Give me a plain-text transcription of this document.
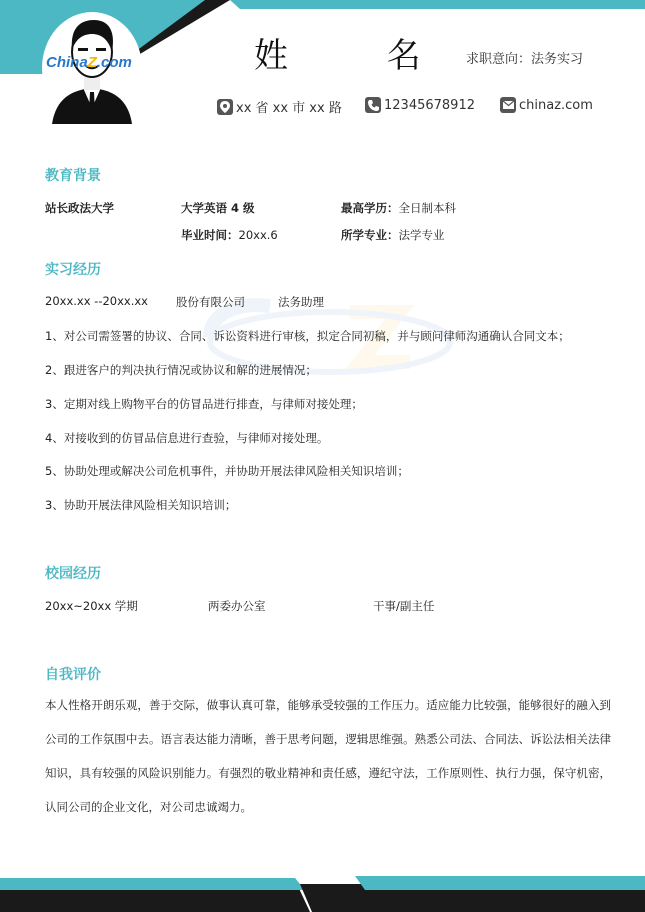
ChinaZ.com	姓 名 求职意向：法务实习
xx 省 xx 市 xx 路	12345678912	chinaz.com
教育背景
站长政法大学	大学英语 4 级	最高学历：全日制本科
毕业时间：20xx.6	所学专业：法学专业
实习经历
20xx.xx --20xx.xx 股份有限公司	法务助理
1、对公司需签署的协议、合同、诉讼资料进行审核，拟定合同初稿，并与顾问律师沟通确认合同文本；
2、跟进客户的判决执行情况或协议和解的进展情况；
3、定期对线上购物平台的仿冒品进行排查，与律师对接处理；
4、对接收到的仿冒品信息进行查验，与律师对接处理。
5、协助处理或解决公司危机事件，并协助开展法律风险相关知识培训；
3、协助开展法律风险相关知识培训；
校园经历
20xx~20xx 学期	两委办公室	干事/副主任
自我评价
本人性格开朗乐观，善于交际，做事认真可靠，能够承受较强的工作压力。适应能力比较强，能够很好的融入到公司的工作氛围中去。语言表达能力清晰，善于思考问题，逻辑思维强。熟悉公司法、合同法、诉讼法相关法律知识，具有较强的风险识别能力。有强烈的敬业精神和责任感，遵纪守法，工作原则性、执行力强，保守机密，认同公司的企业文化，对公司忠诚竭力。
